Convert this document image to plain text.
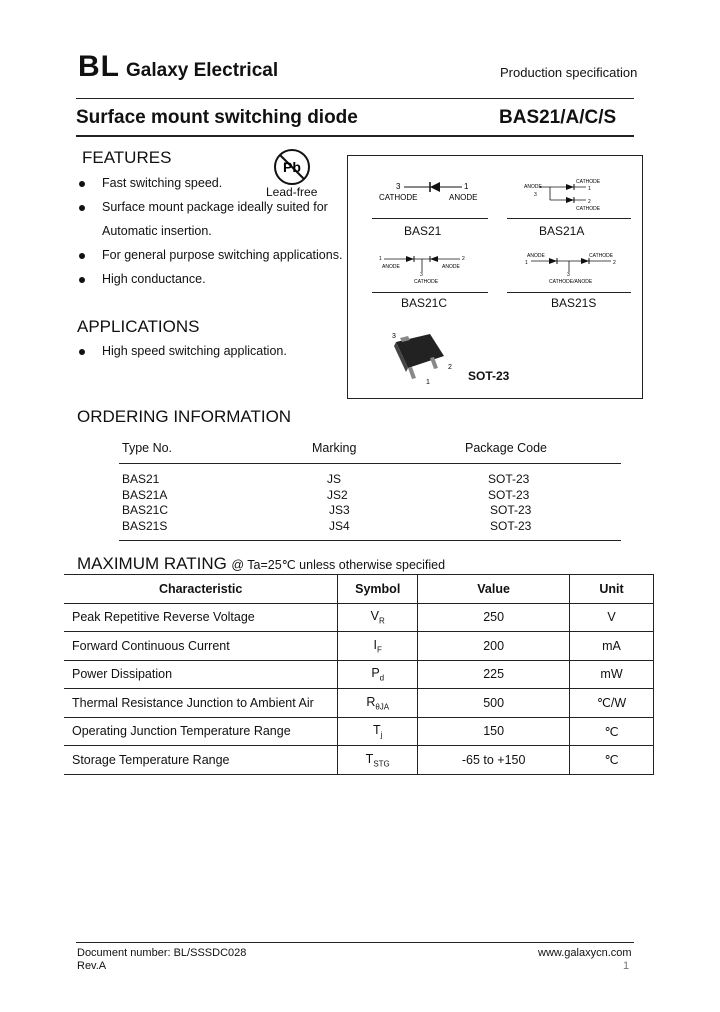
BL Galaxy Electrical	Production specification
Surface mount switching diode	BAS21/A/C/S
FEATURES
Fast switching speed.
Surface mount package ideally suited for
Automatic insertion.
For general purpose switching applications.
High conductance.
Pb
Lead-free
APPLICATIONS
High speed switching application.
3	1
CATHODE	ANODE
BAS21
CATHODE
ANODE	1
2
3
CATHODE
BAS21A
1	2
3
ANODE	ANODE
CATHODE
BAS21C
ANODE	CATHODE
1	2
3
CATHODE/ANODE
BAS21S
3
1
2
SOT-23
ORDERING INFORMATION
Type No.	Marking	Package Code
BAS21	JS	SOT-23
BAS21A	JS2	SOT-23
BAS21C	JS3	SOT-23
BAS21S	JS4	SOT-23
MAXIMUM RATING @ Ta=25℃ unless otherwise specified
Characteristic	Symbol	Value	Unit
Peak Repetitive Reverse Voltage	$V_R$	250	V
Forward Continuous Current	$I_F$	200	mA
Power Dissipation	$P_d$	225	mW
Thermal Resistance Junction to Ambient Air	$R_{\theta JA}$	500	℃/W
Operating Junction Temperature Range	$T_j$	150	℃
Storage Temperature Range	$T_{STG}$	-65 to +150	℃
Document number: BL/SSSDC028
Rev.A
www.galaxycn.com
1
